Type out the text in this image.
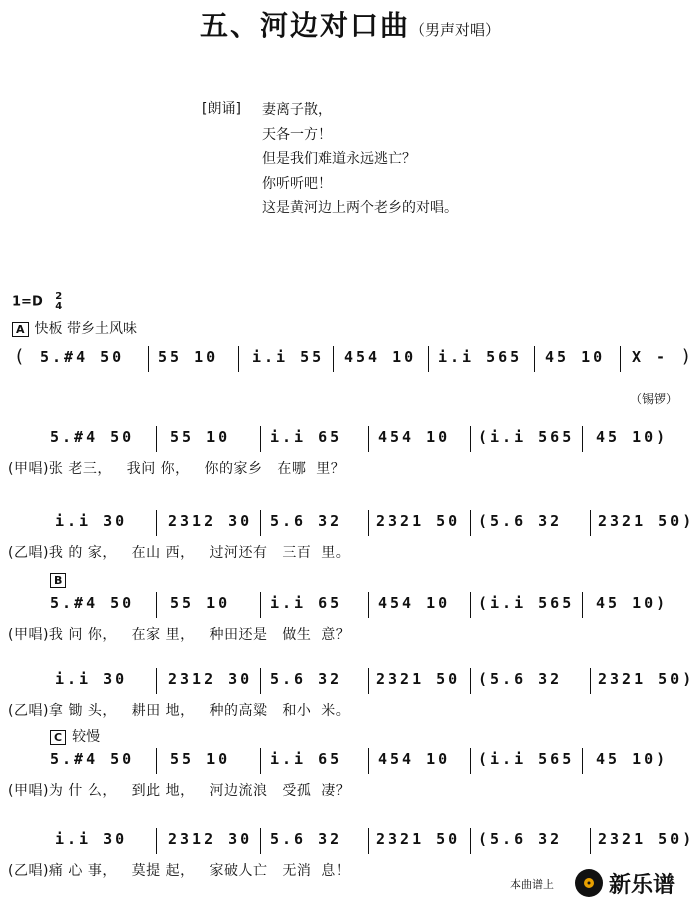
五、河边对口曲（男声对唱）
[朗诵] 妻离子散，
天各一方！
但是我们难道永远逃亡？
你听听吧！
这是黄河边上两个老乡的对唱。
1=D 2
4
A 快板 带乡土风味
( 5.#4 50 55 10 i.i 55 454 10 i.i 565 45 10 X - )
（锡锣）
5.#4 50 55 10	i.i 65 454 10 (i.i 565 45 10)
(甲唱)张 老三，   我问 你，   你的家乡   在哪  里？
i.i 30	2312 30 5.6 32 2321 50 (5.6 32 2321 50)
(乙唱)我 的 家，   在山 西，   过河还有   三百  里。
B
5.#4 50 55 10	i.i 65 454 10 (i.i 565 45 10)
(甲唱)我 问 你，   在家 里，   种田还是   做生  意？
i.i 30	2312 30 5.6 32 2321 50 (5.6 32 2321 50)
(乙唱)拿 锄 头，   耕田 地，   种的高粱   和小  米。
C 较慢
5.#4 50 55 10	i.i 65 454 10 (i.i 565 45 10)
(甲唱)为 什 么，   到此 地，   河边流浪   受孤  凄？
i.i 30	2312 30 5.6 32 2321 50 (5.6 32 2321 50)
(乙唱)痛 心 事，   莫提 起，   家破人亡   无消  息！
本曲谱上	新乐谱
